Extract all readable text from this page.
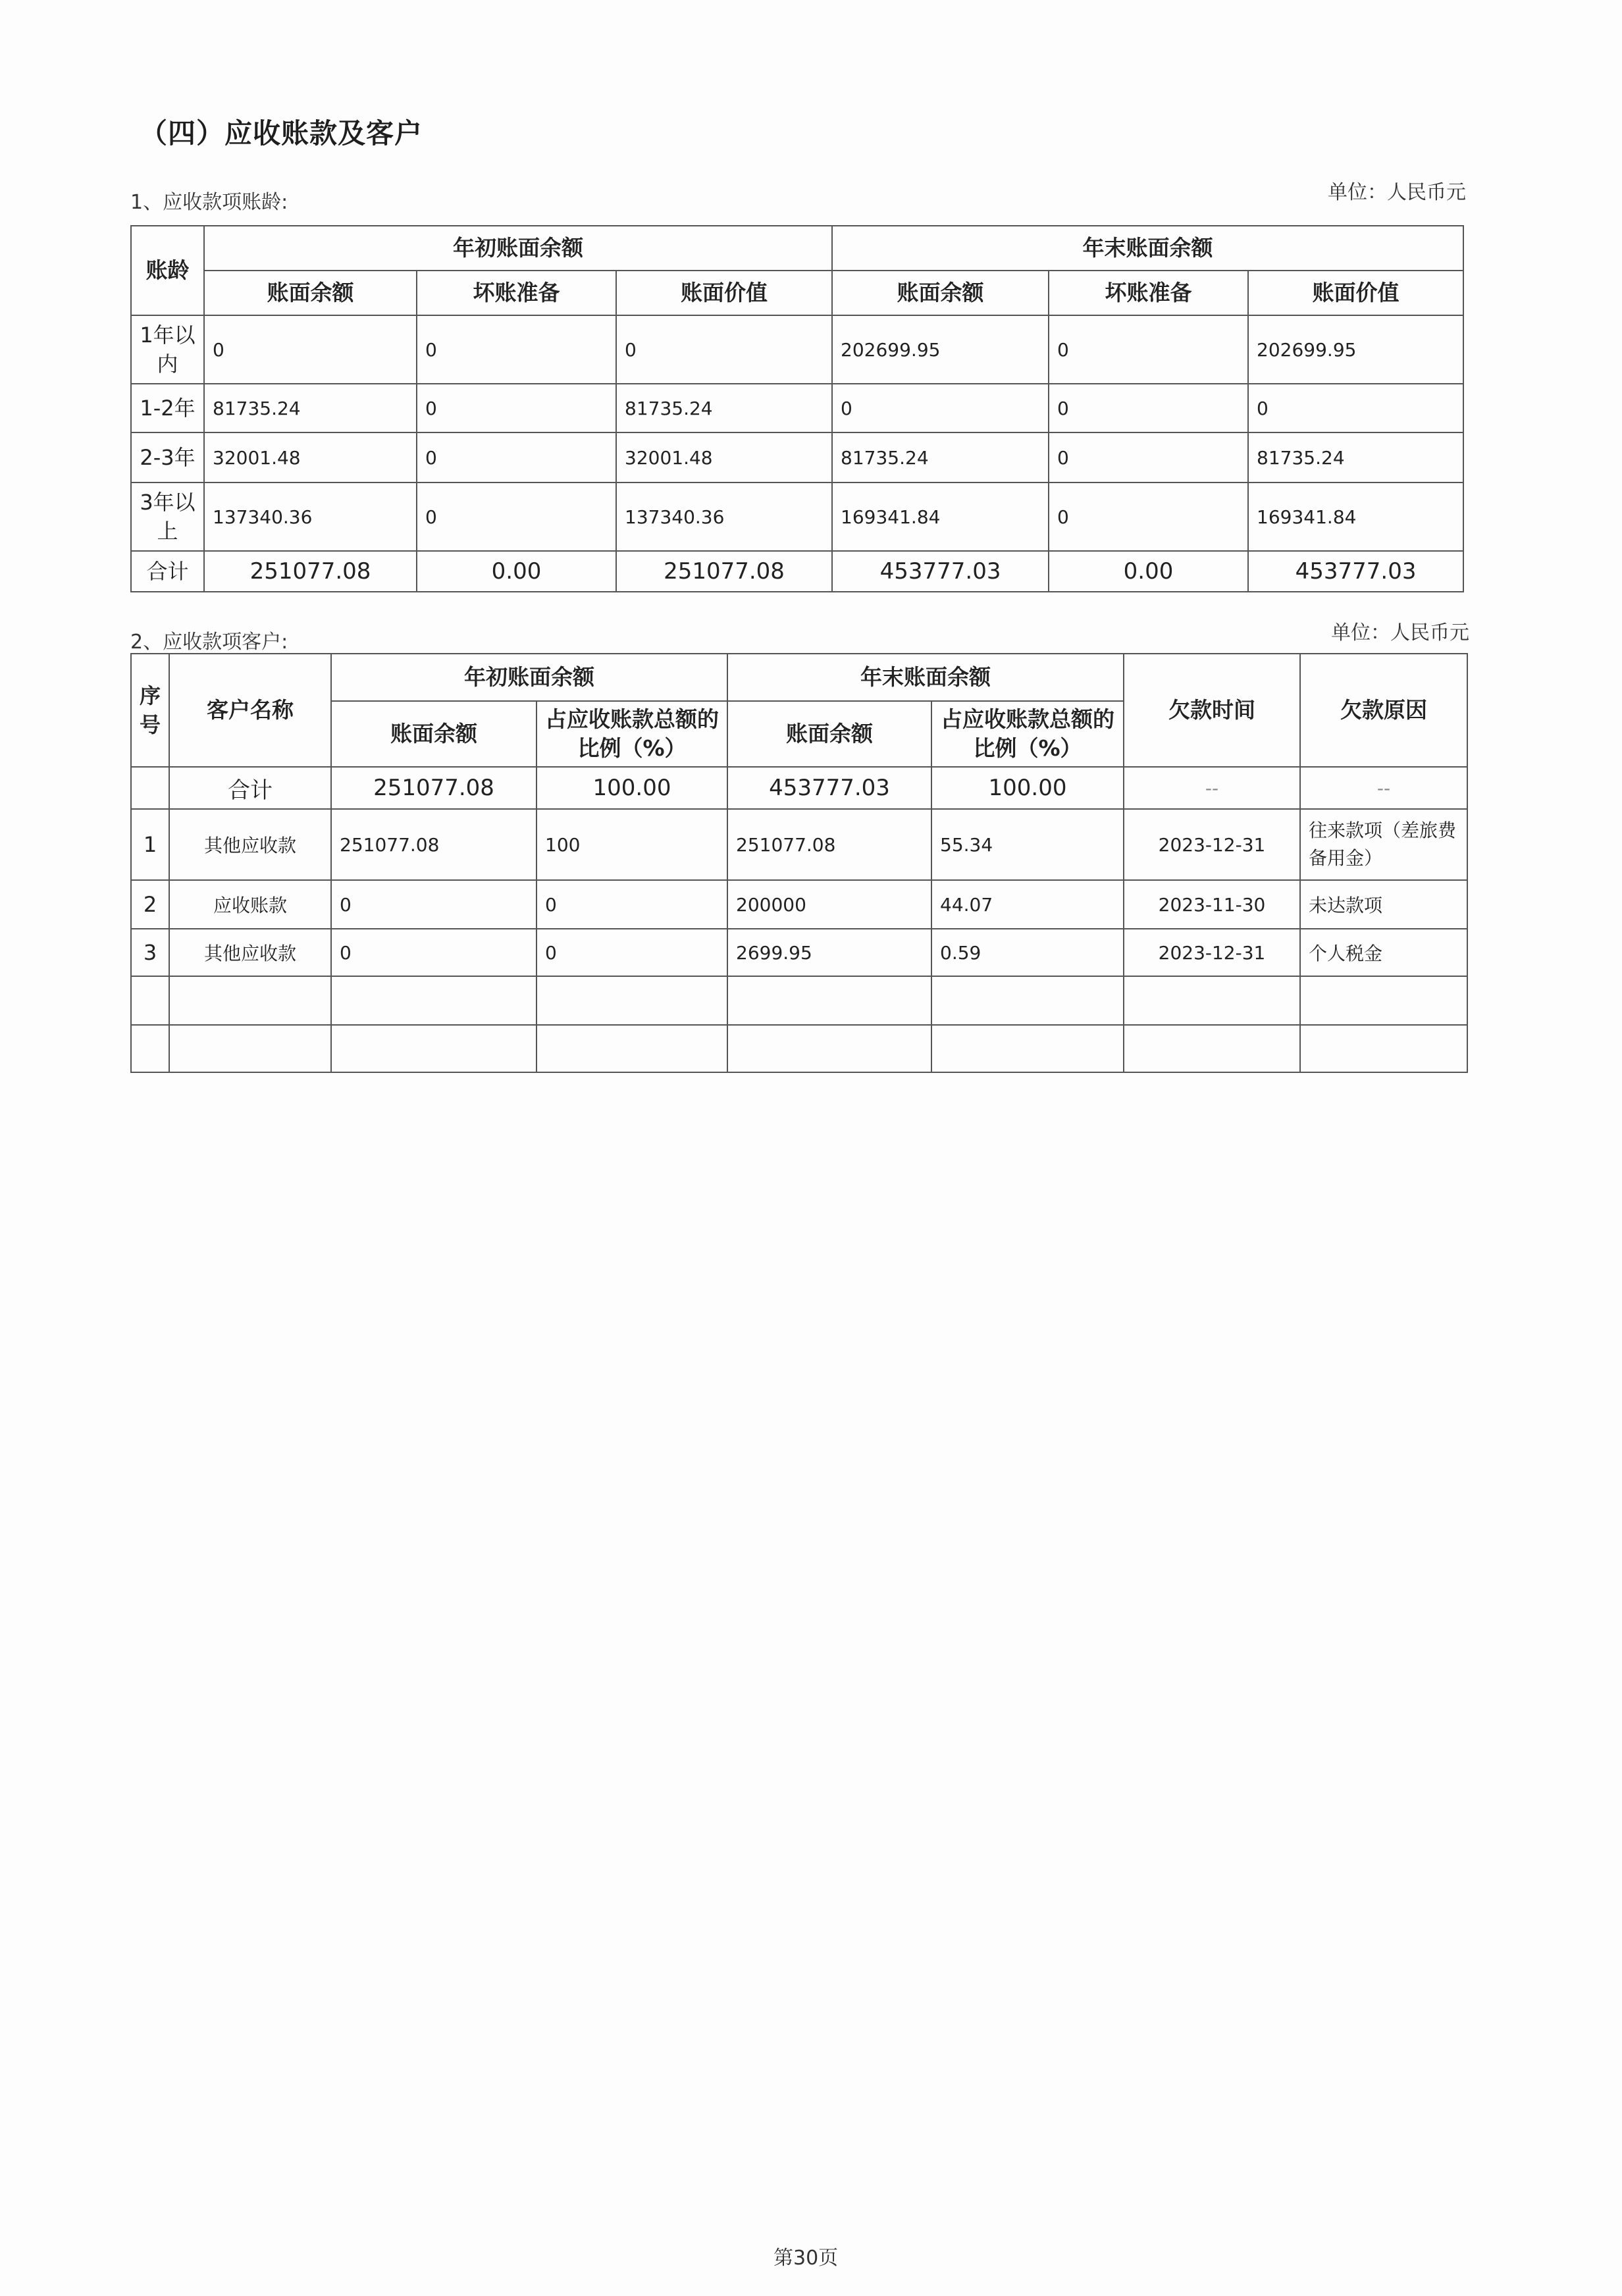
（四）应收账款及客户
1、应收款项账龄:	单位：人民币元
账龄	年初账面余额			年末账面余额		
	账面余额	坏账准备	账面价值	账面余额	坏账准备	账面价值
1年以内	0	0	0	202699.95	0	202699.95
1-2年	81735.24	0	81735.24	0	0	0
2-3年	32001.48	0	32001.48	81735.24	0	81735.24
3年以上	137340.36	0	137340.36	169341.84	0	169341.84
合计	251077.08	0.00	251077.08	453777.03	0.00	453777.03
2、应收款项客户:	单位：人民币元
序号	客户名称	年初账面余额		年末账面余额		欠款时间	欠款原因
		账面余额	占应收账款总额的比例（%）	账面余额	占应收账款总额的比例（%）		
	合计	251077.08	100.00	453777.03	100.00	--	--
1	其他应收款	251077.08	100	251077.08	55.34	2023-12-31	往来款项（差旅费备用金）
2	应收账款	0	0	200000	44.07	2023-11-30	未达款项
3	其他应收款	0	0	2699.95	0.59	2023-12-31	个人税金

第30页
